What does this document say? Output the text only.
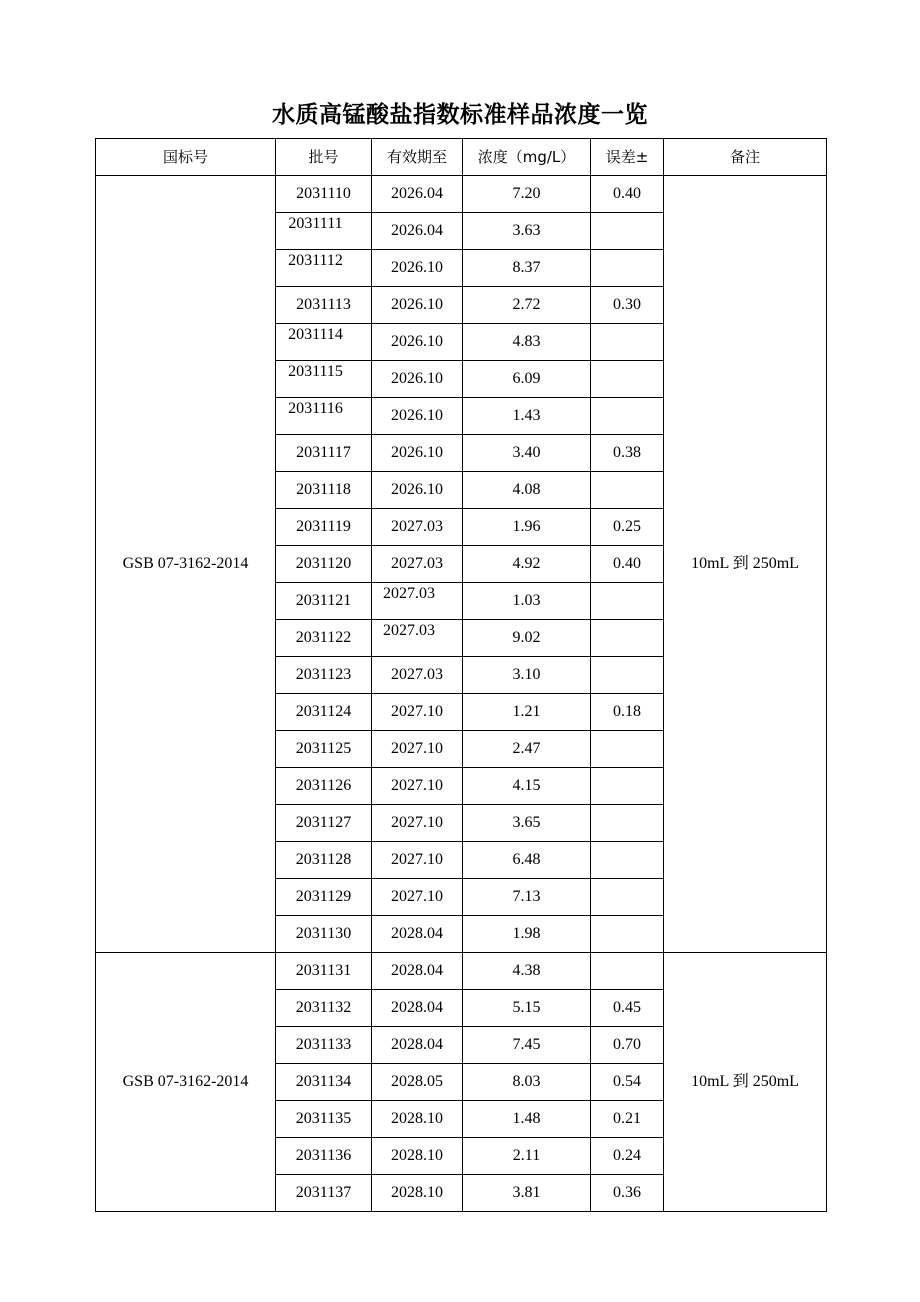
水质高锰酸盐指数标准样品浓度一览
国标号	批号	有效期至	浓度（mg/L）	误差±	备注
GSB 07-3162-2014	2031110	2026.04	7.20	0.40	10mL 到 250mL
	2031111	2026.04	3.63		
	2031112	2026.10	8.37		
	2031113	2026.10	2.72	0.30	
	2031114	2026.10	4.83		
	2031115	2026.10	6.09		
	2031116	2026.10	1.43		
	2031117	2026.10	3.40	0.38	
	2031118	2026.10	4.08		
	2031119	2027.03	1.96	0.25	
	2031120	2027.03	4.92	0.40	
	2031121	2027.03	1.03		
	2031122	2027.03	9.02		
	2031123	2027.03	3.10		
	2031124	2027.10	1.21	0.18	
	2031125	2027.10	2.47		
	2031126	2027.10	4.15		
	2031127	2027.10	3.65		
	2031128	2027.10	6.48		
	2031129	2027.10	7.13		
	2031130	2028.04	1.98		
GSB 07-3162-2014	2031131	2028.04	4.38		10mL 到 250mL
	2031132	2028.04	5.15	0.45	
	2031133	2028.04	7.45	0.70	
	2031134	2028.05	8.03	0.54	
	2031135	2028.10	1.48	0.21	
	2031136	2028.10	2.11	0.24	
	2031137	2028.10	3.81	0.36	
